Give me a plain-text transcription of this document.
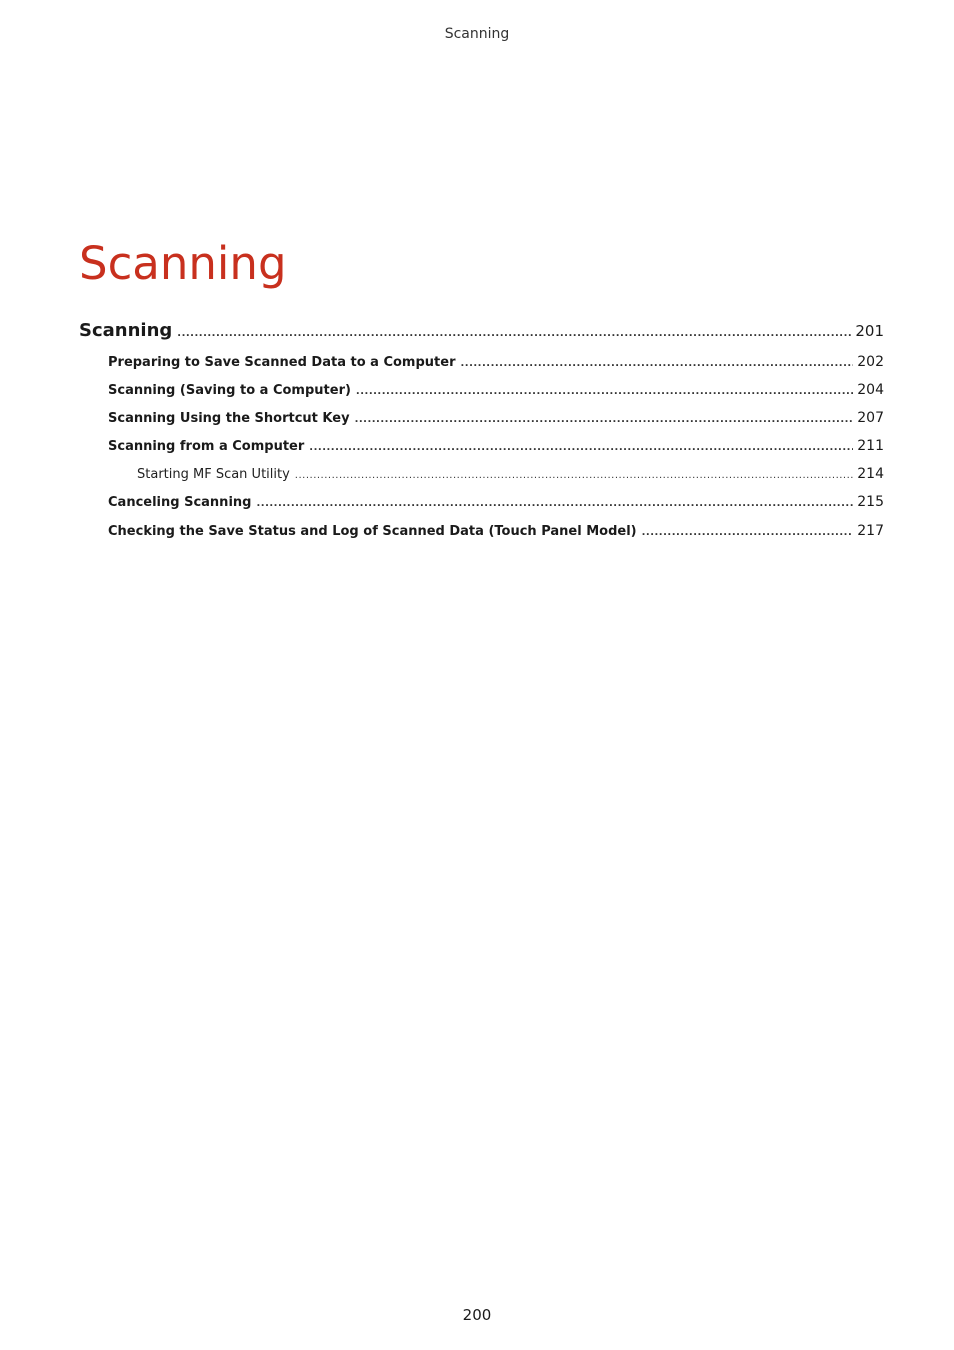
Scanning
Scanning
Scanning .....	201
Preparing to Save Scanned Data to a Computer .....	202
Scanning (Saving to a Computer) .....	204
Scanning Using the Shortcut Key .....	207
Scanning from a Computer .....	211
Starting MF Scan Utility .....	214
Canceling Scanning .....	215
Checking the Save Status and Log of Scanned Data (Touch Panel Model) .....	217
200
